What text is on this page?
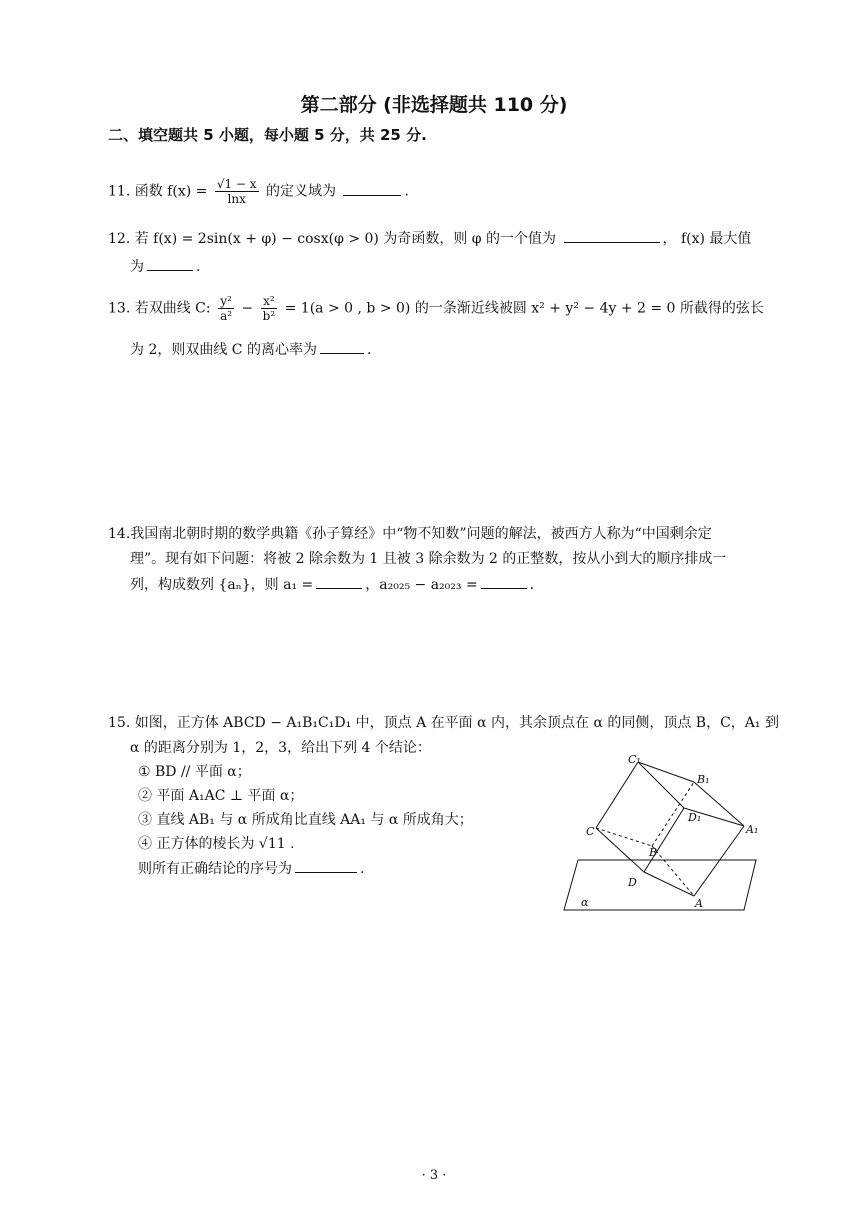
第二部分 (非选择题共 110 分)
二、填空题共 5 小题，每小题 5 分，共 25 分.
11. 函数 $f(x) = \frac{√1 - x}{\ln x}$ 的定义域为	.
12. 若 f(x) = 2sin(x + φ) − cosx(φ > 0) 为奇函数，则 φ 的一个值为	， f(x) 最大值
为	.
13. 若双曲线 C: $\frac{\text{y²}}{\text{a²}} - \frac{\text{x²}}{\text{b²}} = 1(a > 0$ , b > 0) 的一条渐近线被圆 x² + y² − 4y + 2 = 0 所截得的弦长
为 2，则双曲线 C 的离心率为	.
14.我国南北朝时期的数学典籍《孙子算经》中“物不知数”问题的解法，被西方人称为“中国剩余定
理”。现有如下问题：将被 2 除余数为 1 且被 3 除余数为 2 的正整数，按从小到大的顺序排成一
列，构成数列 {aₙ}，则 a₁ =	，a₂₀₂₅ − a₂₀₂₃ =	.
15. 如图，正方体 ABCD − A₁B₁C₁D₁ 中，顶点 A 在平面 α 内，其余顶点在 α 的同侧，顶点 B，C，A₁ 到
α 的距离分别为 1，2，3，给出下列 4 个结论：
① BD // 平面 α；
② 平面 A₁AC ⊥ 平面 α；
③ 直线 AB₁ 与 α 所成角比直线 AA₁ 与 α 所成角大；
④ 正方体的棱长为 √11 .
则所有正确结论的序号为	.
C₁
B₁
D₁
A₁
C
B
D
A
α
· 3 ·
